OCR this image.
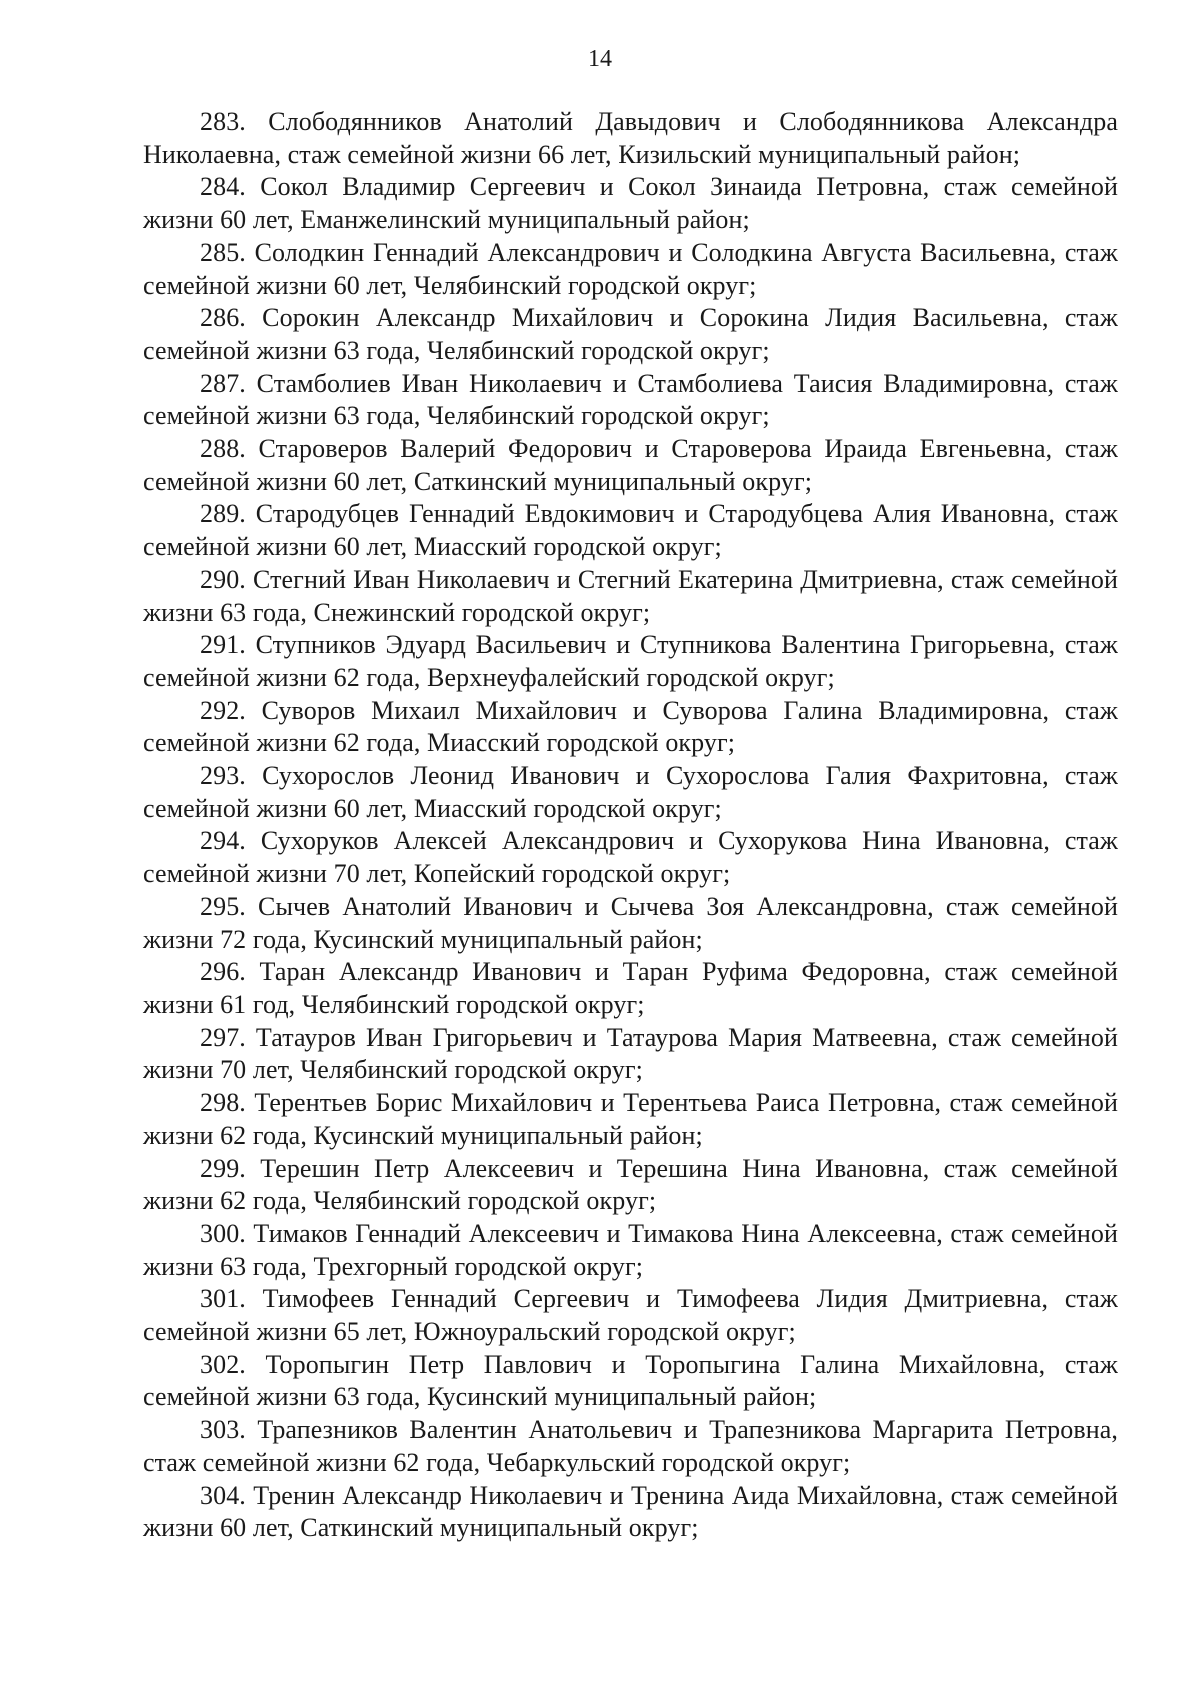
14

283. Слободянников Анатолий Давыдович и Слободянникова Александра Николаевна, стаж семейной жизни 66 лет, Кизильский муниципальный район;

284. Сокол Владимир Сергеевич и Сокол Зинаида Петровна, стаж семейной жизни 60 лет, Еманжелинский муниципальный район;

285. Солодкин Геннадий Александрович и Солодкина Августа Васильевна, стаж семейной жизни 60 лет, Челябинский городской округ;

286. Сорокин Александр Михайлович и Сорокина Лидия Васильевна, стаж семейной жизни 63 года, Челябинский городской округ;

287. Стамболиев Иван Николаевич и Стамболиева Таисия Владимировна, стаж семейной жизни 63 года, Челябинский городской округ;

288. Староверов Валерий Федорович и Староверова Ираида Евгеньевна, стаж семейной жизни 60 лет, Саткинский муниципальный округ;

289. Стародубцев Геннадий Евдокимович и Стародубцева Алия Ивановна, стаж семейной жизни 60 лет, Миасский городской округ;

290. Стегний Иван Николаевич и Стегний Екатерина Дмитриевна, стаж семейной жизни 63 года, Снежинский городской округ;

291. Ступников Эдуард Васильевич и Ступникова Валентина Григорьевна, стаж семейной жизни 62 года, Верхнеуфалейский городской округ;

292. Суворов Михаил Михайлович и Суворова Галина Владимировна, стаж семейной жизни 62 года, Миасский городской округ;

293. Сухорослов Леонид Иванович и Сухорослова Галия Фахритовна, стаж семейной жизни 60 лет, Миасский городской округ;

294. Сухоруков Алексей Александрович и Сухорукова Нина Ивановна, стаж семейной жизни 70 лет, Копейский городской округ;

295. Сычев Анатолий Иванович и Сычева Зоя Александровна, стаж семейной жизни 72 года, Кусинский муниципальный район;

296. Таран Александр Иванович и Таран Руфима Федоровна, стаж семейной жизни 61 год, Челябинский городской округ;

297. Татауров Иван Григорьевич и Татаурова Мария Матвеевна, стаж семейной жизни 70 лет, Челябинский городской округ;

298. Терентьев Борис Михайлович и Терентьева Раиса Петровна, стаж семейной жизни 62 года, Кусинский муниципальный район;

299. Терешин Петр Алексеевич и Терешина Нина Ивановна, стаж семейной жизни 62 года, Челябинский городской округ;

300. Тимаков Геннадий Алексеевич и Тимакова Нина Алексеевна, стаж семейной жизни 63 года, Трехгорный городской округ;

301. Тимофеев Геннадий Сергеевич и Тимофеева Лидия Дмитриевна, стаж семейной жизни 65 лет, Южноуральский городской округ;

302. Торопыгин Петр Павлович и Торопыгина Галина Михайловна, стаж семейной жизни 63 года, Кусинский муниципальный район;

303. Трапезников Валентин Анатольевич и Трапезникова Маргарита Петровна, стаж семейной жизни 62 года, Чебаркульский городской округ;

304. Тренин Александр Николаевич и Тренина Аида Михайловна, стаж семейной жизни 60 лет, Саткинский муниципальный округ;
